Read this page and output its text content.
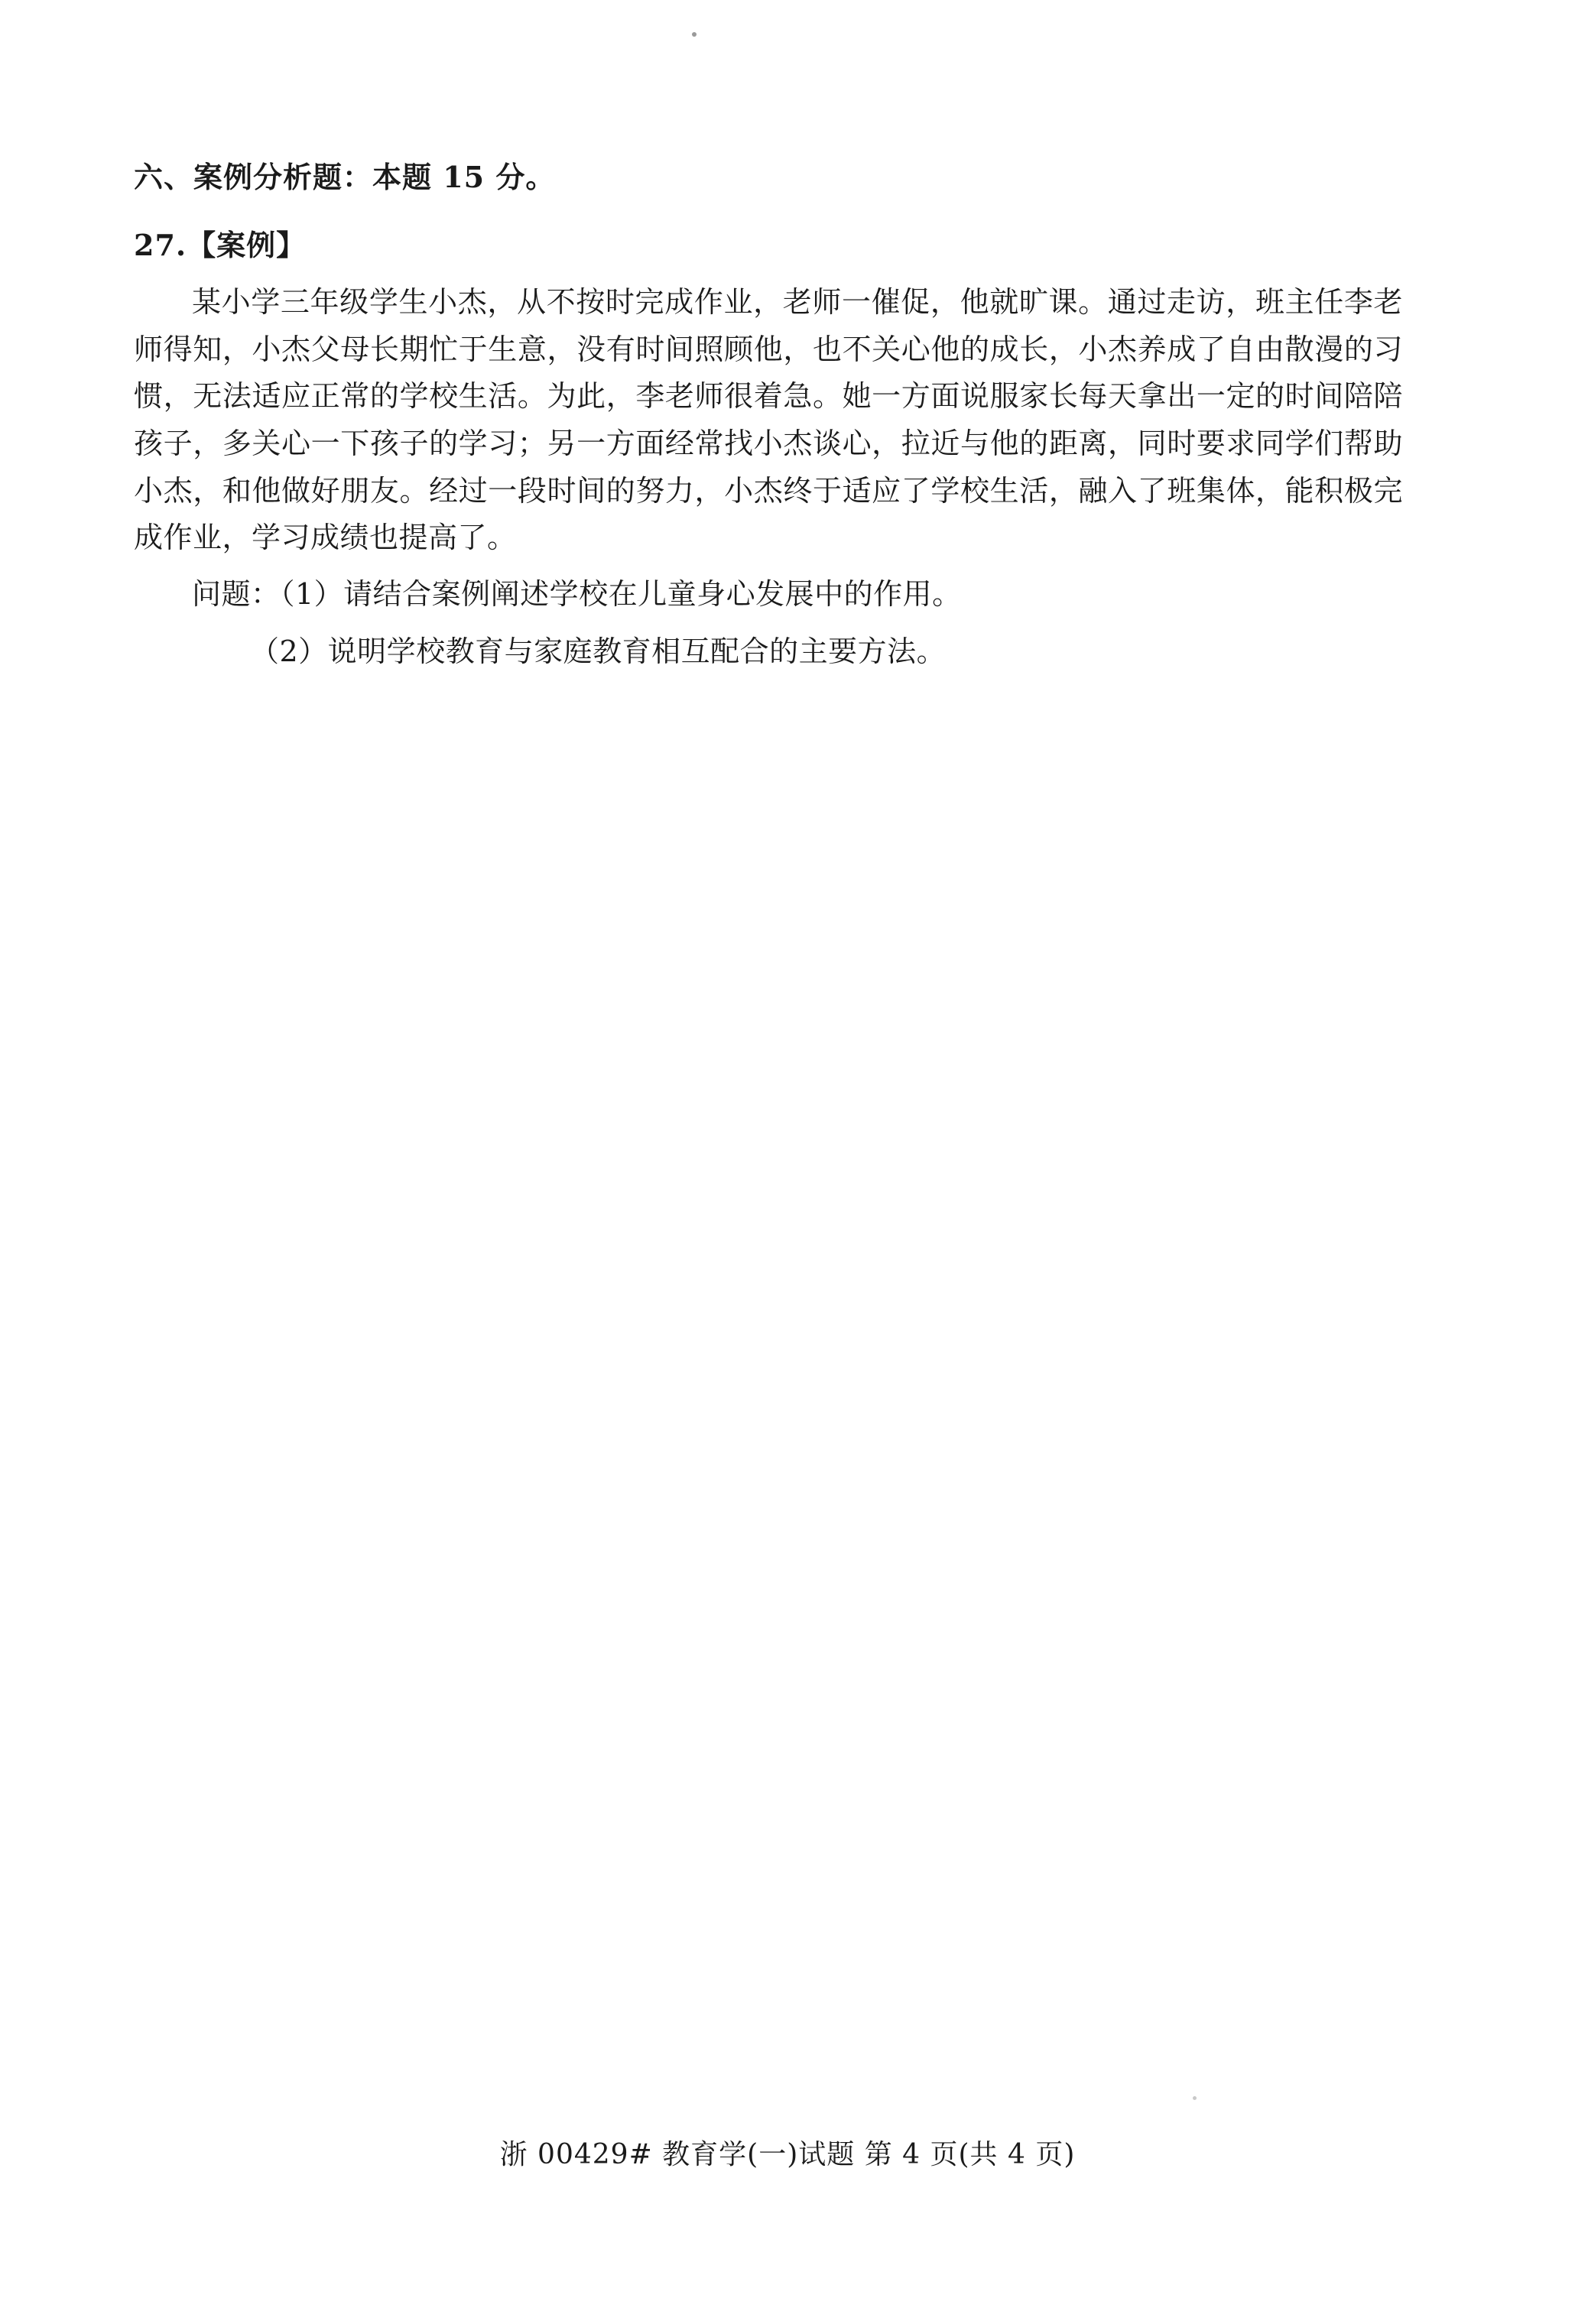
六、案例分析题：本题 15 分。
27.【案例】

某小学三年级学生小杰，从不按时完成作业，老师一催促，他就旷课。通过走访，班主任李老师得知，小杰父母长期忙于生意，没有时间照顾他，也不关心他的成长，小杰养成了自由散漫的习惯，无法适应正常的学校生活。为此，李老师很着急。她一方面说服家长每天拿出一定的时间陪陪孩子，多关心一下孩子的学习；另一方面经常找小杰谈心，拉近与他的距离，同时要求同学们帮助小杰，和他做好朋友。经过一段时间的努力，小杰终于适应了学校生活，融入了班集体，能积极完成作业，学习成绩也提高了。

问题：（1）请结合案例阐述学校在儿童身心发展中的作用。

（2）说明学校教育与家庭教育相互配合的主要方法。

浙 00429# 教育学(一)试题 第 4 页(共 4 页)
